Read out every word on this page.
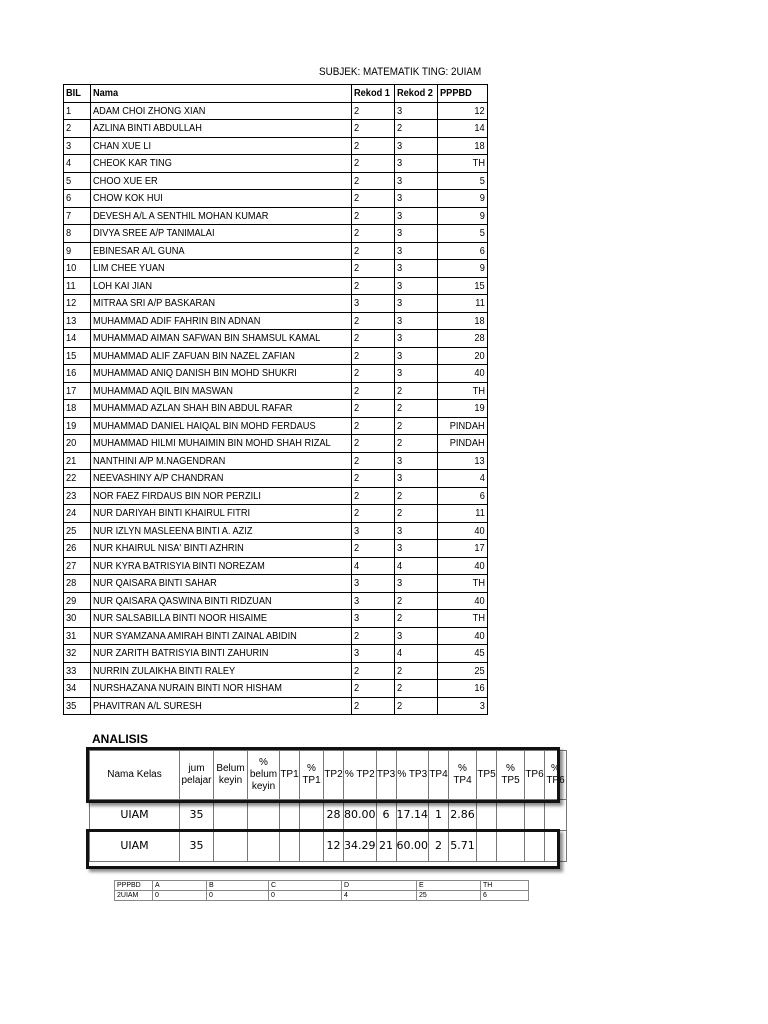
SUBJEK: MATEMATIK TING: 2UIAM
BIL	Nama	Rekod 1	Rekod 2	PPPBD
1	ADAM CHOI ZHONG XIAN	2	3	12
2	AZLINA BINTI ABDULLAH	2	2	14
3	CHAN XUE LI	2	3	18
4	CHEOK KAR TING	2	3	TH
5	CHOO XUE ER	2	3	5
6	CHOW KOK HUI	2	3	9
7	DEVESH A/L A SENTHIL MOHAN KUMAR	2	3	9
8	DIVYA SREE A/P TANIMALAI	2	3	5
9	EBINESAR A/L GUNA	2	3	6
10	LIM CHEE YUAN	2	3	9
11	LOH KAI JIAN	2	3	15
12	MITRAA SRI A/P BASKARAN	3	3	11
13	MUHAMMAD ADIF FAHRIN BIN ADNAN	2	3	18
14	MUHAMMAD AIMAN SAFWAN BIN SHAMSUL KAMAL	2	3	28
15	MUHAMMAD ALIF ZAFUAN BIN NAZEL ZAFIAN	2	3	20
16	MUHAMMAD ANIQ DANISH BIN MOHD SHUKRI	2	3	40
17	MUHAMMAD AQIL BIN MASWAN	2	2	TH
18	MUHAMMAD AZLAN SHAH BIN ABDUL RAFAR	2	2	19
19	MUHAMMAD DANIEL HAIQAL BIN MOHD FERDAUS	2	2	PINDAH
20	MUHAMMAD HILMI MUHAIMIN BIN MOHD SHAH RIZAL	2	2	PINDAH
21	NANTHINI A/P M.NAGENDRAN	2	3	13
22	NEEVASHINY A/P CHANDRAN	2	3	4
23	NOR FAEZ FIRDAUS BIN NOR PERZILI	2	2	6
24	NUR DARIYAH BINTI KHAIRUL FITRI	2	2	11
25	NUR IZLYN MASLEENA BINTI A. AZIZ	3	3	40
26	NUR KHAIRUL NISA' BINTI AZHRIN	2	3	17
27	NUR KYRA BATRISYIA BINTI NOREZAM	4	4	40
28	NUR QAISARA BINTI SAHAR	3	3	TH
29	NUR QAISARA QASWINA BINTI RIDZUAN	3	2	40
30	NUR SALSABILLA BINTI NOOR HISAIME	3	2	TH
31	NUR SYAMZANA AMIRAH BINTI ZAINAL ABIDIN	2	3	40
32	NUR ZARITH BATRISYIA BINTI ZAHURIN	3	4	45
33	NURRIN ZULAIKHA BINTI RALEY	2	2	25
34	NURSHAZANA NURAIN BINTI NOR HISHAM	2	2	16
35	PHAVITRAN A/L SURESH	2	2	3
ANALISIS
Nama Kelas	jum pelajar	Belum keyin	% belum keyin	TP1	% TP1	TP2	% TP2	TP3	% TP3	TP4	% TP4	TP5	% TP5	TP6	% TP6
UIAM	35					28	80.00	6	17.14	1	2.86				
UIAM	35					12	34.29	21	60.00	2	5.71				
PPPBD	A	B	C	D	E	TH
2UIAM	0	0	0	4	25	6
